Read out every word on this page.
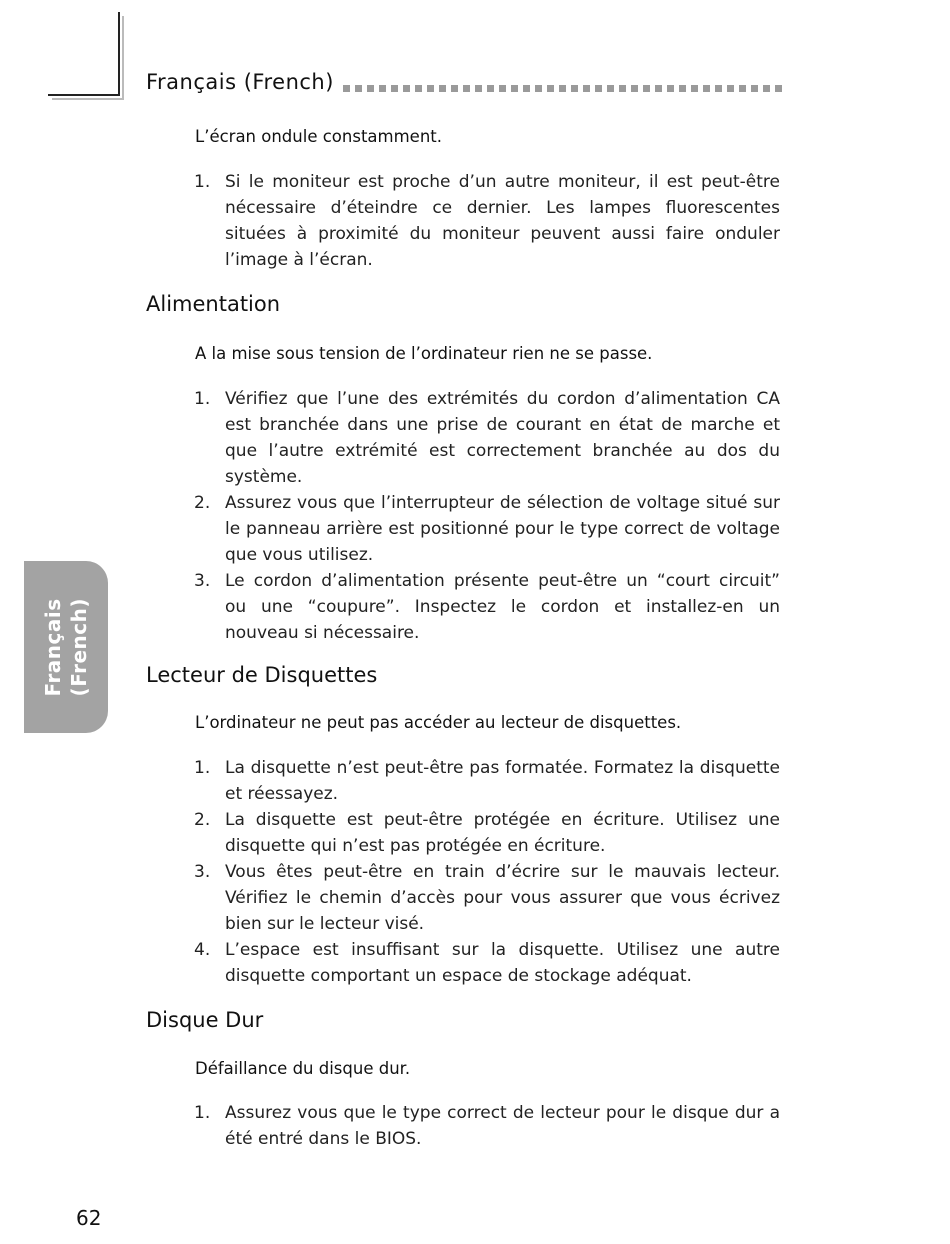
Français (French)
Français
(French)
L’écran ondule constamment.
1. Si le moniteur est proche d’un autre moniteur, il est peut-être nécessaire d’éteindre ce dernier. Les lampes fluorescentes situées à proximité du moniteur peuvent aussi faire onduler l’image à l’écran.
Alimentation
A la mise sous tension de l’ordinateur rien ne se passe.
1. Vérifiez que l’une des extrémités du cordon d’alimentation CA est branchée dans une prise de courant en état de marche et que l’autre extrémité est correctement branchée au dos du système.
2. Assurez vous que l’interrupteur de sélection de voltage situé sur le panneau arrière est positionné pour le type correct de voltage que vous utilisez.
3. Le cordon d’alimentation présente peut-être un “court circuit” ou une “coupure”. Inspectez le cordon et installez-en un nouveau si nécessaire.
Lecteur de Disquettes
L’ordinateur ne peut pas accéder au lecteur de disquettes.
1. La disquette n’est peut-être pas formatée. Formatez la disquette et réessayez.
2. La disquette est peut-être protégée en écriture. Utilisez une disquette qui n’est pas protégée en écriture.
3. Vous êtes peut-être en train d’écrire sur le mauvais lecteur. Vérifiez le chemin d’accès pour vous assurer que vous écrivez bien sur le lecteur visé.
4. L’espace est insuffisant sur la disquette. Utilisez une autre disquette comportant un espace de stockage adéquat.
Disque Dur
Défaillance du disque dur.
1. Assurez vous que le type correct de lecteur pour le disque dur a été entré dans le BIOS.
62
